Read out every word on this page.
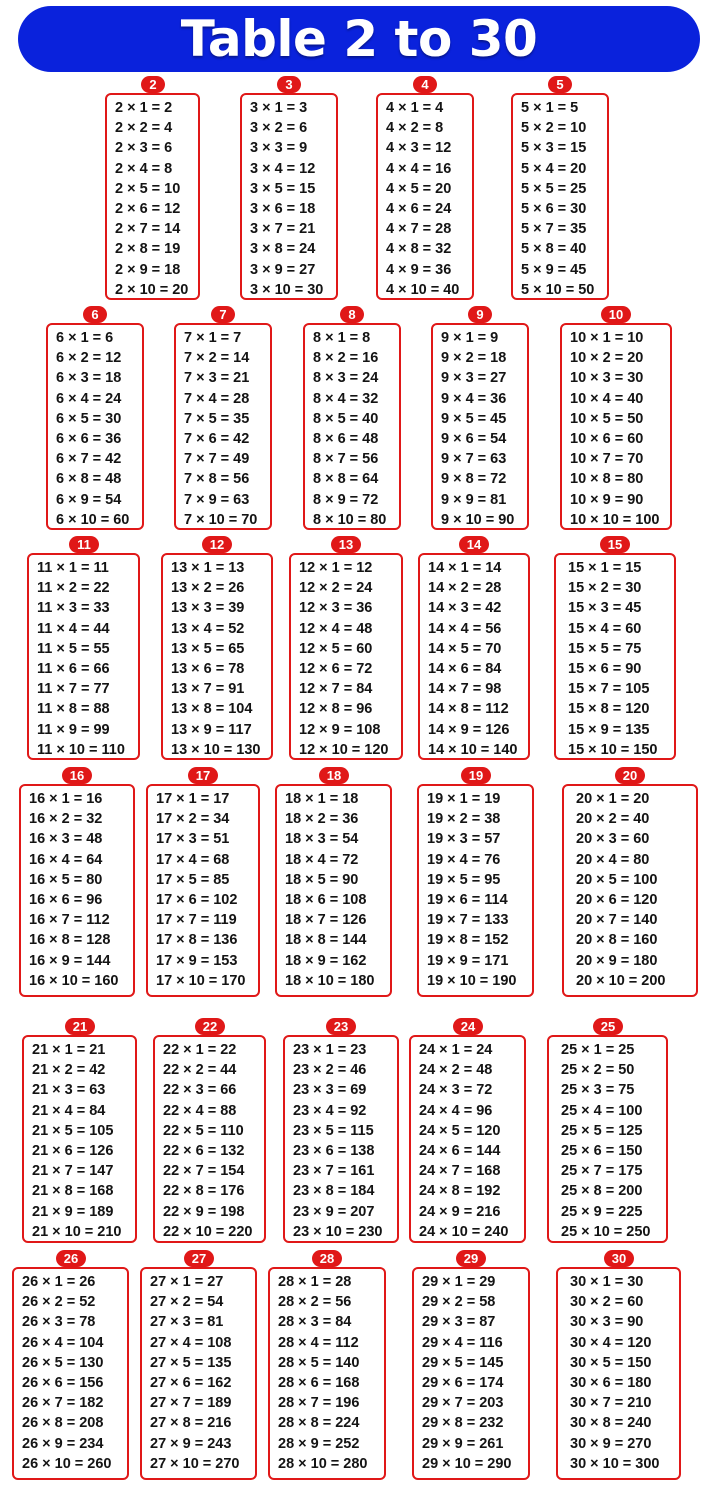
Table 2 to 30
2 × 1 = 2
2 × 2 = 4
2 × 3 = 6
2 × 4 = 8
2 × 5 = 10
2 × 6 = 12
2 × 7 = 14
2 × 8 = 19
2 × 9 = 18
2 × 10 = 20
2
3 × 1 = 3
3 × 2 = 6
3 × 3 = 9
3 × 4 = 12
3 × 5 = 15
3 × 6 = 18
3 × 7 = 21
3 × 8 = 24
3 × 9 = 27
3 × 10 = 30
3
4 × 1 = 4
4 × 2 = 8
4 × 3 = 12
4 × 4 = 16
4 × 5 = 20
4 × 6 = 24
4 × 7 = 28
4 × 8 = 32
4 × 9 = 36
4 × 10 = 40
4
5 × 1 = 5
5 × 2 = 10
5 × 3 = 15
5 × 4 = 20
5 × 5 = 25
5 × 6 = 30
5 × 7 = 35
5 × 8 = 40
5 × 9 = 45
5 × 10 = 50
5
6 × 1 = 6
6 × 2 = 12
6 × 3 = 18
6 × 4 = 24
6 × 5 = 30
6 × 6 = 36
6 × 7 = 42
6 × 8 = 48
6 × 9 = 54
6 × 10 = 60
6
7 × 1 = 7
7 × 2 = 14
7 × 3 = 21
7 × 4 = 28
7 × 5 = 35
7 × 6 = 42
7 × 7 = 49
7 × 8 = 56
7 × 9 = 63
7 × 10 = 70
7
8 × 1 = 8
8 × 2 = 16
8 × 3 = 24
8 × 4 = 32
8 × 5 = 40
8 × 6 = 48
8 × 7 = 56
8 × 8 = 64
8 × 9 = 72
8 × 10 = 80
8
9 × 1 = 9
9 × 2 = 18
9 × 3 = 27
9 × 4 = 36
9 × 5 = 45
9 × 6 = 54
9 × 7 = 63
9 × 8 = 72
9 × 9 = 81
9 × 10 = 90
9
10 × 1 = 10
10 × 2 = 20
10 × 3 = 30
10 × 4 = 40
10 × 5 = 50
10 × 6 = 60
10 × 7 = 70
10 × 8 = 80
10 × 9 = 90
10 × 10 = 100
10
11 × 1 = 11
11 × 2 = 22
11 × 3 = 33
11 × 4 = 44
11 × 5 = 55
11 × 6 = 66
11 × 7 = 77
11 × 8 = 88
11 × 9 = 99
11 × 10 = 110
11
13 × 1 = 13
13 × 2 = 26
13 × 3 = 39
13 × 4 = 52
13 × 5 = 65
13 × 6 = 78
13 × 7 = 91
13 × 8 = 104
13 × 9 = 117
13 × 10 = 130
12
12 × 1 = 12
12 × 2 = 24
12 × 3 = 36
12 × 4 = 48
12 × 5 = 60
12 × 6 = 72
12 × 7 = 84
12 × 8 = 96
12 × 9 = 108
12 × 10 = 120
13
14 × 1 = 14
14 × 2 = 28
14 × 3 = 42
14 × 4 = 56
14 × 5 = 70
14 × 6 = 84
14 × 7 = 98
14 × 8 = 112
14 × 9 = 126
14 × 10 = 140
14
15 × 1 = 15
15 × 2 = 30
15 × 3 = 45
15 × 4 = 60
15 × 5 = 75
15 × 6 = 90
15 × 7 = 105
15 × 8 = 120
15 × 9 = 135
15 × 10 = 150
15
16 × 1 = 16
16 × 2 = 32
16 × 3 = 48
16 × 4 = 64
16 × 5 = 80
16 × 6 = 96
16 × 7 = 112
16 × 8 = 128
16 × 9 = 144
16 × 10 = 160
16
17 × 1 = 17
17 × 2 = 34
17 × 3 = 51
17 × 4 = 68
17 × 5 = 85
17 × 6 = 102
17 × 7 = 119
17 × 8 = 136
17 × 9 = 153
17 × 10 = 170
17
18 × 1 = 18
18 × 2 = 36
18 × 3 = 54
18 × 4 = 72
18 × 5 = 90
18 × 6 = 108
18 × 7 = 126
18 × 8 = 144
18 × 9 = 162
18 × 10 = 180
18
19 × 1 = 19
19 × 2 = 38
19 × 3 = 57
19 × 4 = 76
19 × 5 = 95
19 × 6 = 114
19 × 7 = 133
19 × 8 = 152
19 × 9 = 171
19 × 10 = 190
19
20 × 1 = 20
20 × 2 = 40
20 × 3 = 60
20 × 4 = 80
20 × 5 = 100
20 × 6 = 120
20 × 7 = 140
20 × 8 = 160
20 × 9 = 180
20 × 10 = 200
20
21 × 1 = 21
21 × 2 = 42
21 × 3 = 63
21 × 4 = 84
21 × 5 = 105
21 × 6 = 126
21 × 7 = 147
21 × 8 = 168
21 × 9 = 189
21 × 10 = 210
21
22 × 1 = 22
22 × 2 = 44
22 × 3 = 66
22 × 4 = 88
22 × 5 = 110
22 × 6 = 132
22 × 7 = 154
22 × 8 = 176
22 × 9 = 198
22 × 10 = 220
22
23 × 1 = 23
23 × 2 = 46
23 × 3 = 69
23 × 4 = 92
23 × 5 = 115
23 × 6 = 138
23 × 7 = 161
23 × 8 = 184
23 × 9 = 207
23 × 10 = 230
23
24 × 1 = 24
24 × 2 = 48
24 × 3 = 72
24 × 4 = 96
24 × 5 = 120
24 × 6 = 144
24 × 7 = 168
24 × 8 = 192
24 × 9 = 216
24 × 10 = 240
24
25 × 1 = 25
25 × 2 = 50
25 × 3 = 75
25 × 4 = 100
25 × 5 = 125
25 × 6 = 150
25 × 7 = 175
25 × 8 = 200
25 × 9 = 225
25 × 10 = 250
25
26 × 1 = 26
26 × 2 = 52
26 × 3 = 78
26 × 4 = 104
26 × 5 = 130
26 × 6 = 156
26 × 7 = 182
26 × 8 = 208
26 × 9 = 234
26 × 10 = 260
26
27 × 1 = 27
27 × 2 = 54
27 × 3 = 81
27 × 4 = 108
27 × 5 = 135
27 × 6 = 162
27 × 7 = 189
27 × 8 = 216
27 × 9 = 243
27 × 10 = 270
27
28 × 1 = 28
28 × 2 = 56
28 × 3 = 84
28 × 4 = 112
28 × 5 = 140
28 × 6 = 168
28 × 7 = 196
28 × 8 = 224
28 × 9 = 252
28 × 10 = 280
28
29 × 1 = 29
29 × 2 = 58
29 × 3 = 87
29 × 4 = 116
29 × 5 = 145
29 × 6 = 174
29 × 7 = 203
29 × 8 = 232
29 × 9 = 261
29 × 10 = 290
29
30 × 1 = 30
30 × 2 = 60
30 × 3 = 90
30 × 4 = 120
30 × 5 = 150
30 × 6 = 180
30 × 7 = 210
30 × 8 = 240
30 × 9 = 270
30 × 10 = 300
30
